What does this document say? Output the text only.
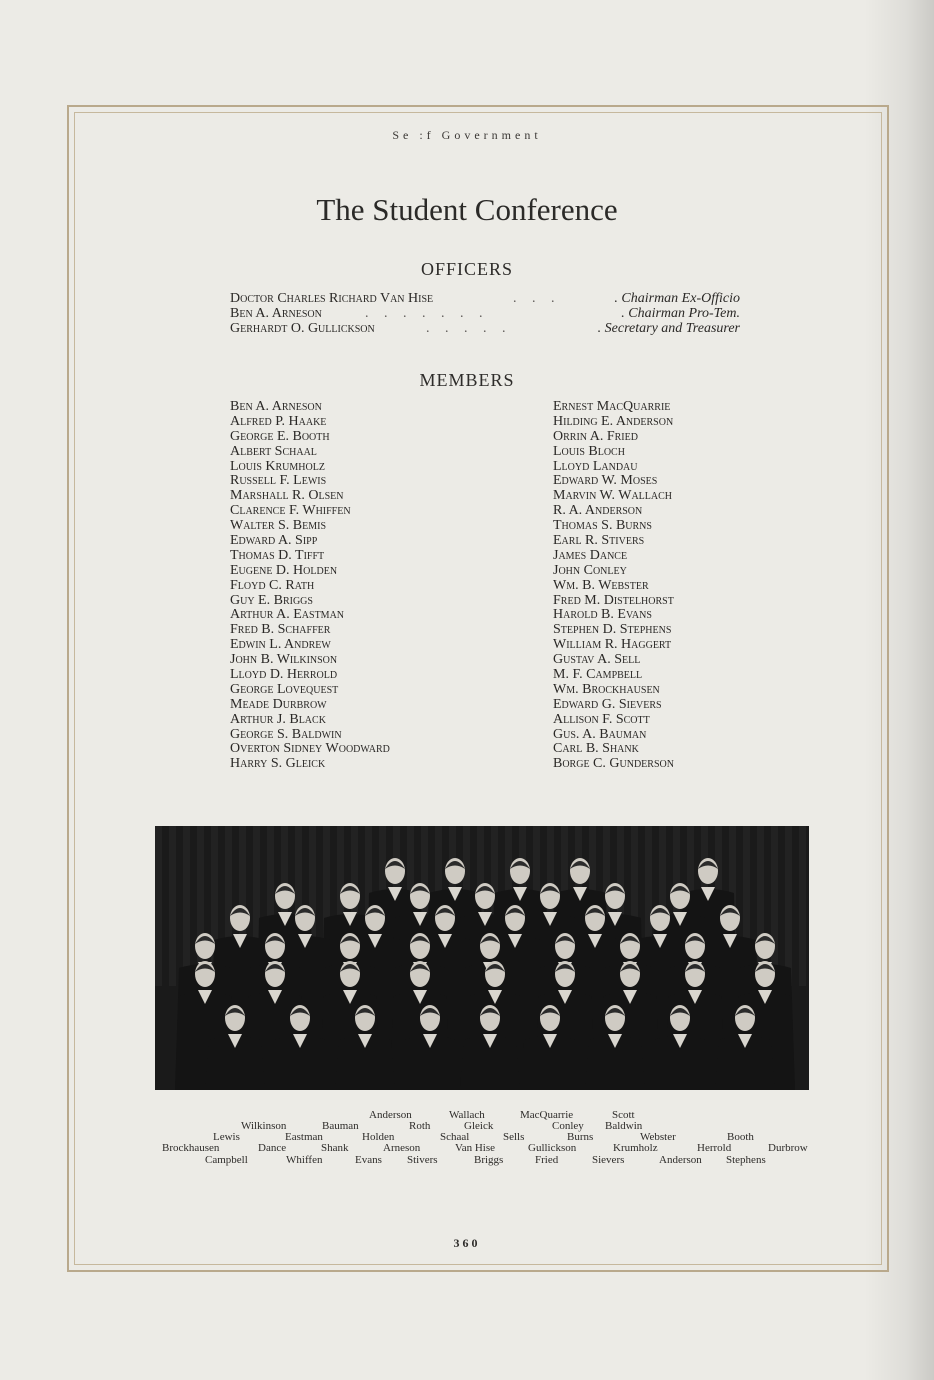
Se :f Government
The Student Conference
OFFICERS
Doctor Charles Richard Van Hise	. . .	. Chairman Ex-Officio
Ben A. Arneson	. . . . . . .	. Chairman Pro-Tem.
Gerhardt O. Gullickson	. . . . .	. Secretary and Treasurer
MEMBERS
Ben A. Arneson
Alfred P. Haake
George E. Booth
Albert Schaal
Louis Krumholz
Russell F. Lewis
Marshall R. Olsen
Clarence F. Whiffen
Walter S. Bemis
Edward A. Sipp
Thomas D. Tifft
Eugene D. Holden
Floyd C. Rath
Guy E. Briggs
Arthur A. Eastman
Fred B. Schaffer
Edwin L. Andrew
John B. Wilkinson
Lloyd D. Herrold
George Lovequest
Meade Durbrow
Arthur J. Black
George S. Baldwin
Overton Sidney Woodward
Harry S. Gleick
Ernest MacQuarrie
Hilding E. Anderson
Orrin A. Fried
Louis Bloch
Lloyd Landau
Edward W. Moses
Marvin W. Wallach
R. A. Anderson
Thomas S. Burns
Earl R. Stivers
James Dance
John Conley
Wm. B. Webster
Fred M. Distelhorst
Harold B. Evans
Stephen D. Stephens
William R. Haggert
Gustav A. Sell
M. F. Campbell
Wm. Brockhausen
Edward G. Sievers
Allison F. Scott
Gus. A. Bauman
Carl B. Shank
Borge C. Gunderson
Anderson	Wallach	MacQuarrie	Scott
Wilkinson	Bauman	Roth	Gleick	Conley Baldwin
Lewis	Eastman	Holden	Schaal	Sells	Burns	Webster	Booth
Brockhausen	Dance	Shank	Arneson	Van Hise	Gullickson	Krumholz	Herrold	Durbrow
Campbell	Whiffen	Evans Stivers	Briggs	Fried	Sievers	Anderson Stephens
360
